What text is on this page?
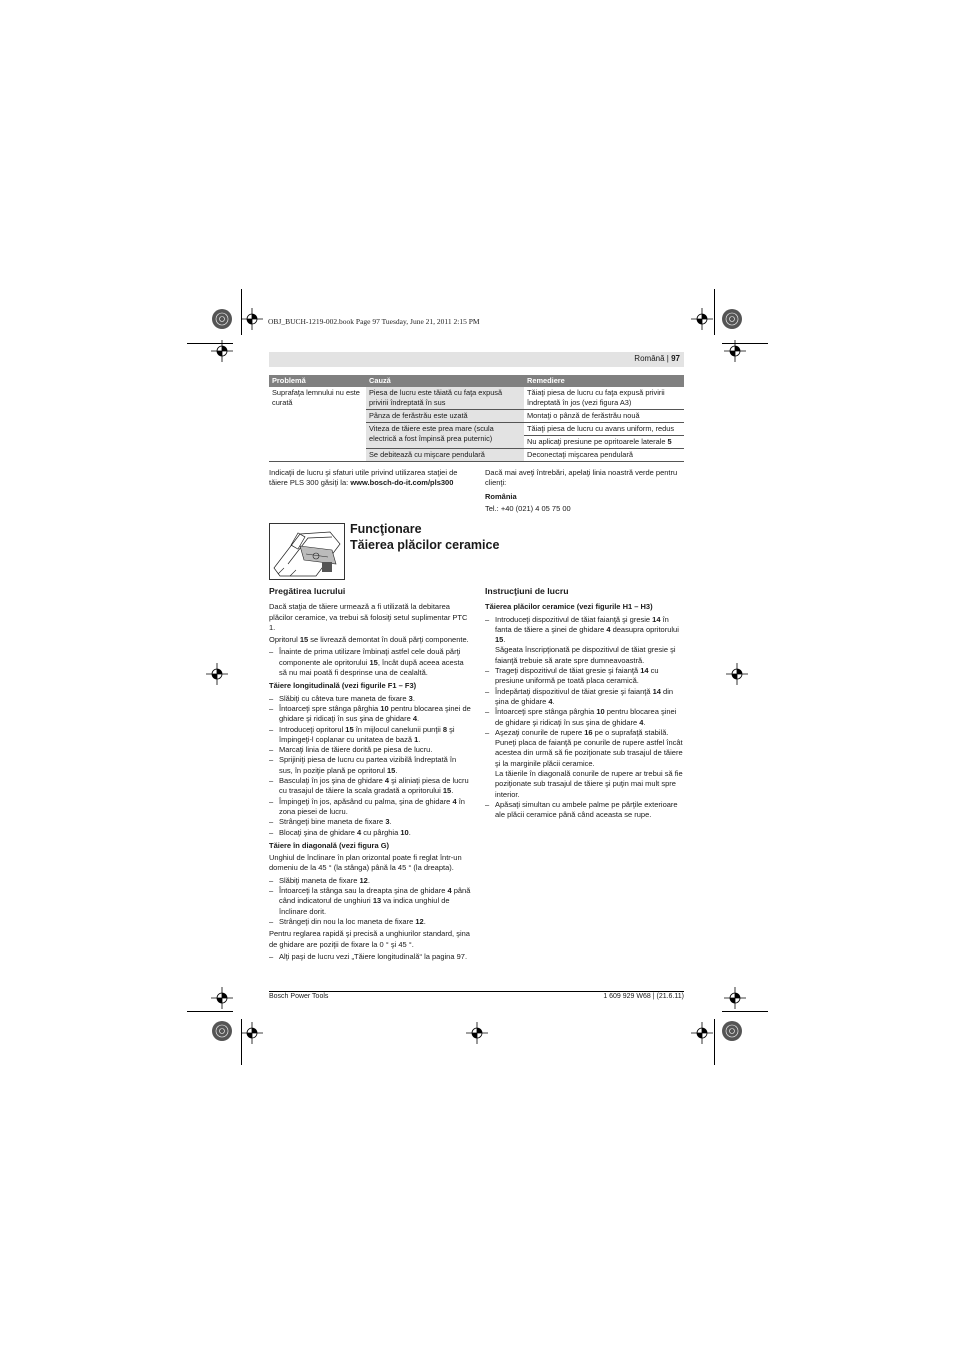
OBJ_BUCH-1219-002.book Page 97 Tuesday, June 21, 2011 2:15 PM
Română | 97
Problemă	Cauză	Remediere
Suprafaţa lemnului nu este curată	Piesa de lucru este tăiată cu faţa expusă privirii îndreptată în sus	Tăiaţi piesa de lucru cu faţa expusă privirii îndreptată în jos (vezi figura A3)
	Pânza de ferăstrău este uzată	Montaţi o pânză de ferăstrău nouă
	Viteza de tăiere este prea mare (scula electrică a fost împinsă prea puternic)	Tăiaţi piesa de lucru cu avans uniform, redus
		Nu aplicaţi presiune pe opritoarele laterale 5
	Se debitează cu mişcare pendulară	Deconectaţi mişcarea pendulară

Indicaţii de lucru şi sfaturi utile privind utilizarea staţiei de tăiere PLS 300 găsiţi la: www.bosch-do-it.com/pls300

Dacă mai aveţi întrebări, apelaţi linia noastră verde pentru clienţi:

România

Tel.: +40 (021) 4 05 75 00

Funcţionare
Tăierea plăcilor ceramice
Pregătirea lucrului

Dacă staţia de tăiere urmează a fi utilizată la debitarea plăcilor ceramice, va trebui să folosiţi setul suplimentar PTC 1.

Opritorul 15 se livrează demontat în două părţi componente.

– Înainte de prima utilizare îmbinaţi astfel cele două părţi componente ale opritorului 15, încât după aceea acesta să nu mai poată fi desprinse una de cealaltă.
Tăiere longitudinală (vezi figurile F1 – F3)
– Slăbiţi cu câteva ture maneta de fixare 3.
– Întoarceţi spre stânga pârghia 10 pentru blocarea şinei de ghidare şi ridicaţi în sus şina de ghidare 4.
– Introduceţi opritorul 15 în mijlocul canelunii punţii 8 şi împingeţi-l coplanar cu unitatea de bază 1.
– Marcaţi linia de tăiere dorită pe piesa de lucru.
– Sprijiniţi piesa de lucru cu partea vizibilă îndreptată în sus, în poziţie plană pe opritorul 15.
– Basculaţi în jos şina de ghidare 4 şi aliniaţi piesa de lucru cu trasajul de tăiere la scala gradată a opritorului 15.
– Împingeţi în jos, apăsând cu palma, şina de ghidare 4 în zona piesei de lucru.
– Strângeţi bine maneta de fixare 3.
– Blocaţi şina de ghidare 4 cu pârghia 10.
Tăiere în diagonală (vezi figura G)

Unghiul de înclinare în plan orizontal poate fi reglat într-un domeniu de la 45 ° (la stânga) până la 45 ° (la dreapta).

– Slăbiţi maneta de fixare 12.
– Întoarceţi la stânga sau la dreapta şina de ghidare 4 până când indicatorul de unghiuri 13 va indica unghiul de înclinare dorit.
– Strângeţi din nou la loc maneta de fixare 12.

Pentru reglarea rapidă şi precisă a unghiurilor standard, şina de ghidare are poziţii de fixare la 0 ° şi 45 °.

– Alţi paşi de lucru vezi „Tăiere longitudinală“ la pagina 97.
Instrucţiuni de lucru
Tăierea plăcilor ceramice (vezi figurile H1 – H3)
– Introduceţi dispozitivul de tăiat faianţă şi gresie 14 în fanta de tăiere a şinei de ghidare 4 deasupra opritorului 15.
Săgeata înscripţionată pe dispozitivul de tăiat gresie şi faianţă trebuie să arate spre dumneavoastră.
– Trageţi dispozitivul de tăiat gresie şi faianţă 14 cu presiune uniformă pe toată placa ceramică.
– Îndepărtaţi dispozitivul de tăiat gresie şi faianţă 14 din şina de ghidare 4.
– Întoarceţi spre stânga pârghia 10 pentru blocarea şinei de ghidare şi ridicaţi în sus şina de ghidare 4.
– Aşezaţi conurile de rupere 16 pe o suprafaţă stabilă.
Puneţi placa de faianţă pe conurile de rupere astfel încât acestea din urmă să fie poziţionate sub trasajul de tăiere şi la marginile plăcii ceramice.
La tăierile în diagonală conurile de rupere ar trebui să fie poziţionate sub trasajul de tăiere şi puţin mai mult spre interior.
– Apăsaţi simultan cu ambele palme pe părţile exterioare ale plăcii ceramice până când aceasta se rupe.
Bosch Power Tools	1 609 929 W68 | (21.6.11)
